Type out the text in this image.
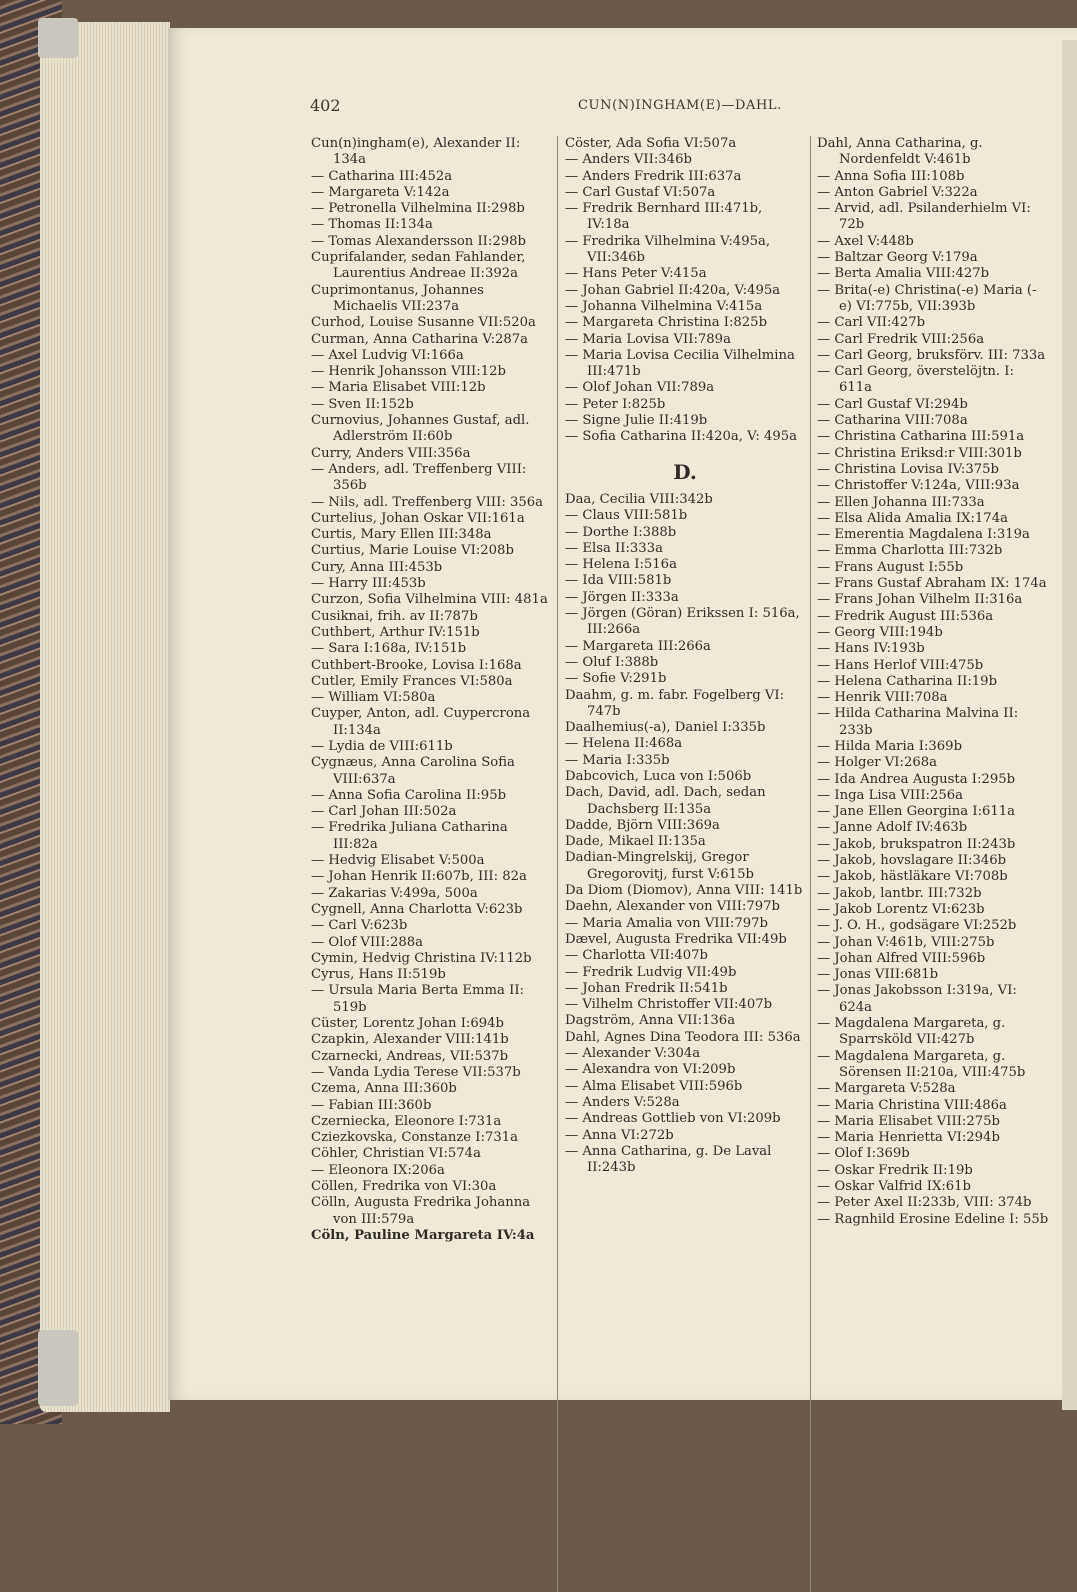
402	CUN(N)INGHAM(E)—DAHL.
Cun(n)ingham(e), Alexander II: 134a
— Catharina III:452a
— Margareta V:142a
— Petronella Vilhelmina II:298b
— Thomas II:134a
— Tomas Alexandersson II:298b
Cuprifalander, sedan Fahlander, Laurentius Andreae II:392a
Cuprimontanus, Johannes Michaelis VII:237a
Curhod, Louise Susanne VII:520a
Curman, Anna Catharina V:287a
— Axel Ludvig VI:166a
— Henrik Johansson VIII:12b
— Maria Elisabet VIII:12b
— Sven II:152b
Curnovius, Johannes Gustaf, adl. Adlerström II:60b
Curry, Anders VIII:356a
— Anders, adl. Treffenberg VIII: 356b
— Nils, adl. Treffenberg VIII: 356a
Curtelius, Johan Oskar VII:161a
Curtis, Mary Ellen III:348a
Curtius, Marie Louise VI:208b
Cury, Anna III:453b
— Harry III:453b
Curzon, Sofia Vilhelmina VIII: 481a
Cusiknai, frih. av II:787b
Cuthbert, Arthur IV:151b
— Sara I:168a, IV:151b
Cuthbert-Brooke, Lovisa I:168a
Cutler, Emily Frances VI:580a
— William VI:580a
Cuyper, Anton, adl. Cuypercrona II:134a
— Lydia de VIII:611b
Cygnæus, Anna Carolina Sofia VIII:637a
— Anna Sofia Carolina II:95b
— Carl Johan III:502a
— Fredrika Juliana Catharina III:82a
— Hedvig Elisabet V:500a
— Johan Henrik II:607b, III: 82a
— Zakarias V:499a, 500a
Cygnell, Anna Charlotta V:623b
— Carl V:623b
— Olof VIII:288a
Cymin, Hedvig Christina IV:112b
Cyrus, Hans II:519b
— Ursula Maria Berta Emma II: 519b
Cüster, Lorentz Johan I:694b
Czapkin, Alexander VIII:141b
Czarnecki, Andreas, VII:537b
— Vanda Lydia Terese VII:537b
Czema, Anna III:360b
— Fabian III:360b
Czerniecka, Eleonore I:731a
Cziezkovska, Constanze I:731a
Cöhler, Christian VI:574a
— Eleonora IX:206a
Cöllen, Fredrika von VI:30a
Cölln, Augusta Fredrika Johanna von III:579a
Cöln, Pauline Margareta IV:4a
Cöster, Ada Sofia VI:507a
— Anders VII:346b
— Anders Fredrik III:637a
— Carl Gustaf VI:507a
— Fredrik Bernhard III:471b, IV:18a
— Fredrika Vilhelmina V:495a, VII:346b
— Hans Peter V:415a
— Johan Gabriel II:420a, V:495a
— Johanna Vilhelmina V:415a
— Margareta Christina I:825b
— Maria Lovisa VII:789a
— Maria Lovisa Cecilia Vilhelmina III:471b
— Olof Johan VII:789a
— Peter I:825b
— Signe Julie II:419b
— Sofia Catharina II:420a, V: 495a
D.
Daa, Cecilia VIII:342b
— Claus VIII:581b
— Dorthe I:388b
— Elsa II:333a
— Helena I:516a
— Ida VIII:581b
— Jörgen II:333a
— Jörgen (Göran) Erikssen I: 516a, III:266a
— Margareta III:266a
— Oluf I:388b
— Sofie V:291b
Daahm, g. m. fabr. Fogelberg VI: 747b
Daalhemius(-a), Daniel I:335b
— Helena II:468a
— Maria I:335b
Dabcovich, Luca von I:506b
Dach, David, adl. Dach, sedan Dachsberg II:135a
Dadde, Björn VIII:369a
Dade, Mikael II:135a
Dadian-Mingrelskij, Gregor Gregorovitj, furst V:615b
Da Diom (Diomov), Anna VIII: 141b
Daehn, Alexander von VIII:797b
— Maria Amalia von VIII:797b
Dævel, Augusta Fredrika VII:49b
— Charlotta VII:407b
— Fredrik Ludvig VII:49b
— Johan Fredrik II:541b
— Vilhelm Christoffer VII:407b
Dagström, Anna VII:136a
Dahl, Agnes Dina Teodora III: 536a
— Alexander V:304a
— Alexandra von VI:209b
— Alma Elisabet VIII:596b
— Anders V:528a
— Andreas Gottlieb von VI:209b
— Anna VI:272b
— Anna Catharina, g. De Laval II:243b
Dahl, Anna Catharina, g. Nordenfeldt V:461b
— Anna Sofia III:108b
— Anton Gabriel V:322a
— Arvid, adl. Psilanderhielm VI: 72b
— Axel V:448b
— Baltzar Georg V:179a
— Berta Amalia VIII:427b
— Brita(-e) Christina(-e) Maria (-e) VI:775b, VII:393b
— Carl VII:427b
— Carl Fredrik VIII:256a
— Carl Georg, bruksförv. III: 733a
— Carl Georg, överstelöjtn. I: 611a
— Carl Gustaf VI:294b
— Catharina VIII:708a
— Christina Catharina III:591a
— Christina Eriksd:r VIII:301b
— Christina Lovisa IV:375b
— Christoffer V:124a, VIII:93a
— Ellen Johanna III:733a
— Elsa Alida Amalia IX:174a
— Emerentia Magdalena I:319a
— Emma Charlotta III:732b
— Frans August I:55b
— Frans Gustaf Abraham IX: 174a
— Frans Johan Vilhelm II:316a
— Fredrik August III:536a
— Georg VIII:194b
— Hans IV:193b
— Hans Herlof VIII:475b
— Helena Catharina II:19b
— Henrik VIII:708a
— Hilda Catharina Malvina II: 233b
— Hilda Maria I:369b
— Holger VI:268a
— Ida Andrea Augusta I:295b
— Inga Lisa VIII:256a
— Jane Ellen Georgina I:611a
— Janne Adolf IV:463b
— Jakob, brukspatron II:243b
— Jakob, hovslagare II:346b
— Jakob, hästläkare VI:708b
— Jakob, lantbr. III:732b
— Jakob Lorentz VI:623b
— J. O. H., godsägare VI:252b
— Johan V:461b, VIII:275b
— Johan Alfred VIII:596b
— Jonas VIII:681b
— Jonas Jakobsson I:319a, VI: 624a
— Magdalena Margareta, g. Sparrsköld VII:427b
— Magdalena Margareta, g. Sörensen II:210a, VIII:475b
— Margareta V:528a
— Maria Christina VIII:486a
— Maria Elisabet VIII:275b
— Maria Henrietta VI:294b
— Olof I:369b
— Oskar Fredrik II:19b
— Oskar Valfrid IX:61b
— Peter Axel II:233b, VIII: 374b
— Ragnhild Erosine Edeline I: 55b
